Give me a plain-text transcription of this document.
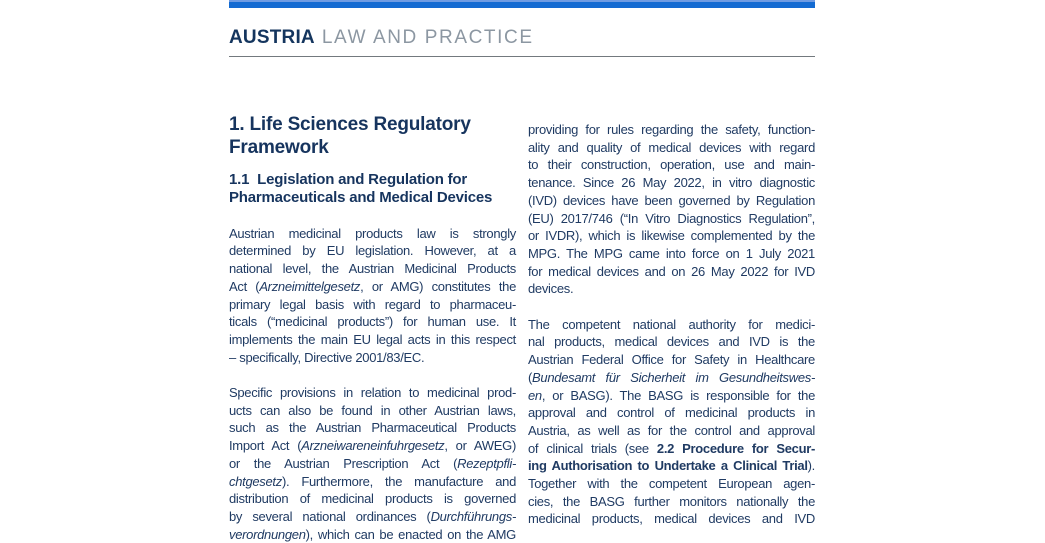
AUSTRIA LAW AND PRACTICE
1. Life Sciences Regulatory
Framework
1.1  Legislation and Regulation for
Pharmaceuticals and Medical Devices
Austrian medicinal products law is strongly
determined by EU legislation. However, at a
national level, the Austrian Medicinal Products
Act (Arzneimittelgesetz, or AMG) constitutes the
primary legal basis with regard to pharmaceu-
ticals (“medicinal products”) for human use. It
implements the main EU legal acts in this respect
– specifically, Directive 2001/83/EC.
Specific provisions in relation to medicinal prod-
ucts can also be found in other Austrian laws,
such as the Austrian Pharmaceutical Products
Import Act (Arzneiwareneinfuhrgesetz, or AWEG)
or the Austrian Prescription Act (Rezeptpfli-
chtgesetz). Furthermore, the manufacture and
distribution of medicinal products is governed
by several national ordinances (Durchführungs-
verordnungen), which can be enacted on the AMG
providing for rules regarding the safety, function-
ality and quality of medical devices with regard
to their construction, operation, use and main-
tenance. Since 26 May 2022, in vitro diagnostic
(IVD) devices have been governed by Regulation
(EU) 2017/746 (“In Vitro Diagnostics Regulation”,
or IVDR), which is likewise complemented by the
MPG. The MPG came into force on 1 July 2021
for medical devices and on 26 May 2022 for IVD
devices.
The competent national authority for medici-
nal products, medical devices and IVD is the
Austrian Federal Office for Safety in Healthcare
(Bundesamt für Sicherheit im Gesundheitswes-
en, or BASG). The BASG is responsible for the
approval and control of medicinal products in
Austria, as well as for the control and approval
of clinical trials (see 2.2 Procedure for Secur-
ing Authorisation to Undertake a Clinical Trial).
Together with the competent European agen-
cies, the BASG further monitors nationally the
medicinal products, medical devices and IVD
